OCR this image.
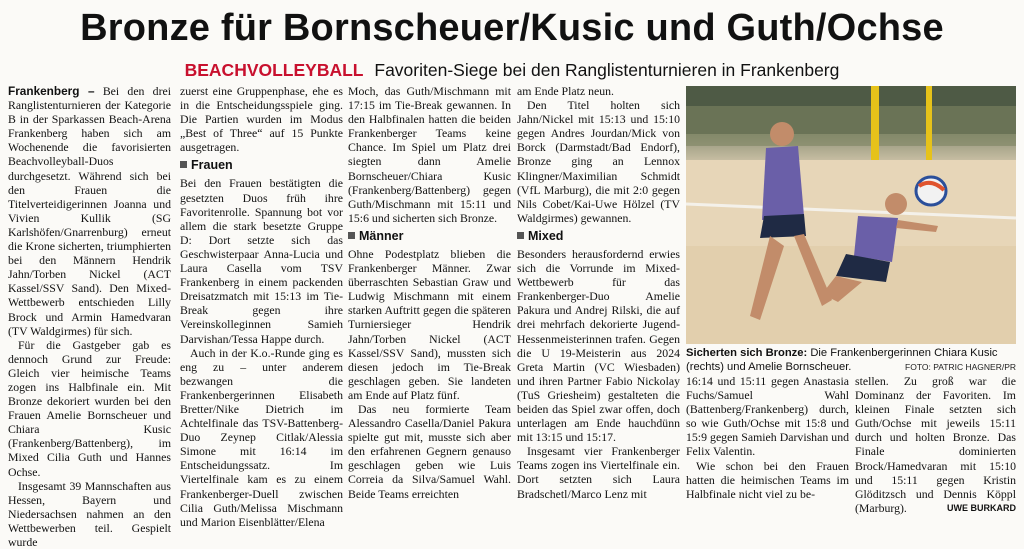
Bronze für Bornscheuer/Kusic und Guth/Ochse
BEACHVOLLEYBALL Favoriten-Siege bei den Ranglistenturnieren in Frankenberg

Frankenberg – Bei den drei Ranglistenturnieren der Kategorie B in der Sparkassen Beach-Arena Frankenberg haben sich am Wochenende die favorisierten Beachvolleyball-Duos durchgesetzt. Während sich bei den Frauen die Titelverteidigerinnen Joanna und Vivien Kullik (SG Karlshöfen/Gnarrenburg) erneut die Krone sicherten, triumphierten bei den Männern Hendrik Jahn/Torben Nickel (ACT Kassel/SSV Sand). Den Mixed-Wettbewerb entschieden Lilly Brock und Armin Hamedvaran (TV Waldgirmes) für sich.

Für die Gastgeber gab es dennoch Grund zur Freude: Gleich vier heimische Teams zogen ins Halbfinale ein. Mit Bronze dekoriert wurden bei den Frauen Amelie Bornscheuer und Chiara Kusic (Frankenberg/Battenberg), im Mixed Cilia Guth und Hannes Ochse.

Insgesamt 39 Mannschaften aus Hessen, Bayern und Niedersachsen nahmen an den Wettbewerben teil. Gespielt wurde

zuerst eine Gruppenphase, ehe es in die Entscheidungsspiele ging. Die Partien wurden im Modus „Best of Three“ auf 15 Punkte ausgetragen.

Frauen

Bei den Frauen bestätigten die gesetzten Duos früh ihre Favoritenrolle. Spannung bot vor allem die stark besetzte Gruppe D: Dort setzte sich das Geschwisterpaar Anna-Lucia und Laura Casella vom TSV Frankenberg in einem packenden Dreisatzmatch mit 15:13 im Tie-Break gegen ihre Vereinskolleginnen Samieh Darvishan/Tessa Happe durch.

Auch in der K.o.-Runde ging es eng zu – unter anderem bezwangen die Frankenbergerinnen Elisabeth Bretter/Nike Dietrich im Achtelfinale das TSV-Battenberg-Duo Zeynep Citlak/Alessia Simone mit 16:14 im Entscheidungssatz. Im Viertelfinale kam es zu einem Frankenberger-Duell zwischen Cilia Guth/Melissa Mischmann und Marion Eisenblätter/Elena

Moch, das Guth/Mischmann mit 17:15 im Tie-Break gewannen. In den Halbfinalen hatten die beiden Frankenberger Teams keine Chance. Im Spiel um Platz drei siegten dann Amelie Bornscheuer/Chiara Kusic (Frankenberg/Battenberg) gegen Guth/Mischmann mit 15:11 und 15:6 und sicherten sich Bronze.

Männer

Ohne Podestplatz blieben die Frankenberger Männer. Zwar überraschten Sebastian Graw und Ludwig Mischmann mit einem starken Auftritt gegen die späteren Turniersieger Hendrik Jahn/Torben Nickel (ACT Kassel/SSV Sand), mussten sich diesen jedoch im Tie-Break geschlagen geben. Sie landeten am Ende auf Platz fünf.

Das neu formierte Team Alessandro Casella/Daniel Pakura spielte gut mit, musste sich aber den erfahrenen Gegnern genauso geschlagen geben wie Luis Correia da Silva/Samuel Wahl. Beide Teams erreichten

am Ende Platz neun.

Den Titel holten sich Jahn/Nickel mit 15:13 und 15:10 gegen Andres Jourdan/Mick von Borck (Darmstadt/Bad Endorf), Bronze ging an Lennox Klingner/Maximilian Schmidt (VfL Marburg), die mit 2:0 gegen Nils Cobet/Kai-Uwe Hölzel (TV Waldgirmes) gewannen.

Mixed

Besonders herausfordernd erwies sich die Vorrunde im Mixed-Wettbewerb für das Frankenberger-Duo Amelie Pakura und Andrej Rilski, die auf drei mehrfach dekorierte Jugend-Hessenmeisterinnen trafen. Gegen die U 19-Meisterin aus 2024 Greta Martin (VC Wiesbaden) und ihren Partner Fabio Nickolay (TuS Griesheim) gestalteten die beiden das Spiel zwar offen, doch unterlagen am Ende hauchdünn mit 13:15 und 15:17.

Insgesamt vier Frankenberger Teams zogen ins Viertelfinale ein. Dort setzten sich Laura Bradschetl/Marco Lenz mit

Sicherten sich Bronze: Die Frankenbergerinnen Chiara Kusic (rechts) und Amelie Bornscheuer.	FOTO: PATRIC HAGNER/PR

16:14 und 15:11 gegen Anastasia Fuchs/Samuel Wahl (Battenberg/Frankenberg) durch, so wie Guth/Ochse mit 15:8 und 15:9 gegen Samieh Darvishan und Felix Valentin.

Wie schon bei den Frauen hatten die heimischen Teams im Halbfinale nicht viel zu be-

stellen. Zu groß war die Dominanz der Favoriten. Im kleinen Finale setzten sich Guth/Ochse mit jeweils 15:11 durch und holten Bronze. Das Finale dominierten Brock/Hamedvaran mit 15:10 und 15:11 gegen Kristin Glöditzsch und Dennis Köppl (Marburg).	UWE BURKARD
